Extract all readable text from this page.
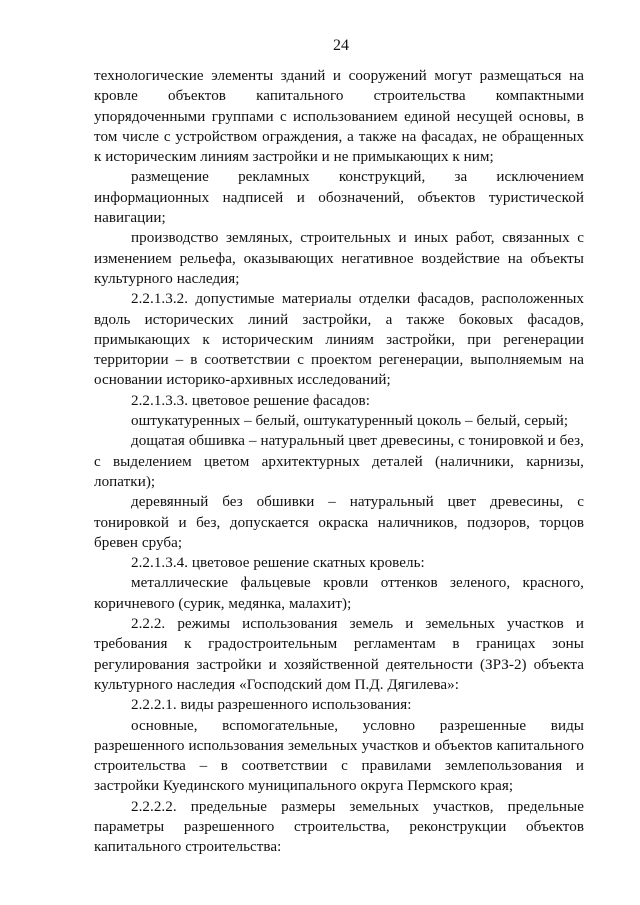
24

технологические элементы зданий и сооружений могут размещаться на кровле объектов капитального строительства компактными упорядоченными группами с использованием единой несущей основы, в том числе с устройством ограждения, а также на фасадах, не обращенных к историческим линиям застройки и не примыкающих к ним;

размещение рекламных конструкций, за исключением информационных надписей и обозначений, объектов туристической навигации;

производство земляных, строительных и иных работ, связанных с изменением рельефа, оказывающих негативное воздействие на объекты культурного наследия;

2.2.1.3.2. допустимые материалы отделки фасадов, расположенных вдоль исторических линий застройки, а также боковых фасадов, примыкающих к историческим линиям застройки, при регенерации территории – в соответствии с проектом регенерации, выполняемым на основании историко-архивных исследований;

2.2.1.3.3. цветовое решение фасадов:

оштукатуренных – белый, оштукатуренный цоколь – белый, серый;

дощатая обшивка – натуральный цвет древесины, с тонировкой и без, с выделением цветом архитектурных деталей (наличники, карнизы, лопатки);

деревянный без обшивки – натуральный цвет древесины, с тонировкой и без, допускается окраска наличников, подзоров, торцов бревен сруба;

2.2.1.3.4. цветовое решение скатных кровель:

металлические фальцевые кровли оттенков зеленого, красного, коричневого (сурик, медянка, малахит);

2.2.2. режимы использования земель и земельных участков и требования к градостроительным регламентам в границах зоны регулирования застройки и хозяйственной деятельности (ЗРЗ-2) объекта культурного наследия «Господский дом П.Д. Дягилева»:

2.2.2.1. виды разрешенного использования:

основные, вспомогательные, условно разрешенные виды разрешенного использования земельных участков и объектов капитального строительства – в соответствии с правилами землепользования и застройки Куединского муниципального округа Пермского края;

2.2.2.2. предельные размеры земельных участков, предельные параметры разрешенного строительства, реконструкции объектов капитального строительства:
